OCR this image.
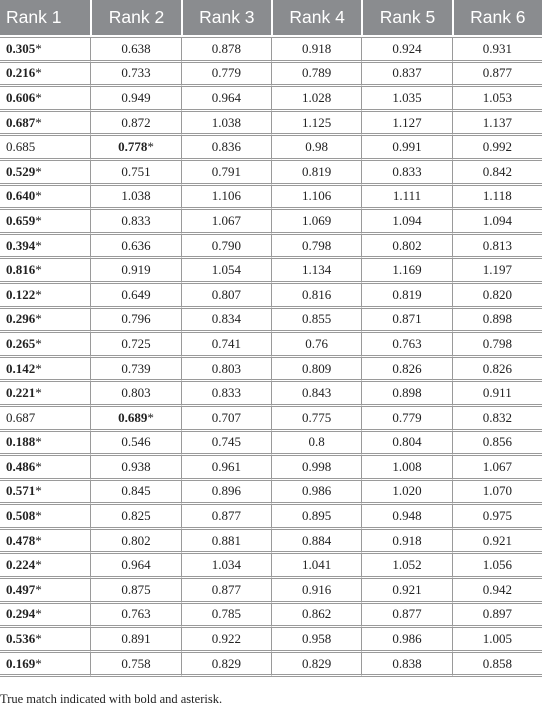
Rank 1	Rank 2	Rank 3	Rank 4	Rank 5	Rank 6
0.305*	0.638	0.878	0.918	0.924	0.931
0.216*	0.733	0.779	0.789	0.837	0.877
0.606*	0.949	0.964	1.028	1.035	1.053
0.687*	0.872	1.038	1.125	1.127	1.137
0.685	0.778*	0.836	0.98	0.991	0.992
0.529*	0.751	0.791	0.819	0.833	0.842
0.640*	1.038	1.106	1.106	1.111	1.118
0.659*	0.833	1.067	1.069	1.094	1.094
0.394*	0.636	0.790	0.798	0.802	0.813
0.816*	0.919	1.054	1.134	1.169	1.197
0.122*	0.649	0.807	0.816	0.819	0.820
0.296*	0.796	0.834	0.855	0.871	0.898
0.265*	0.725	0.741	0.76	0.763	0.798
0.142*	0.739	0.803	0.809	0.826	0.826
0.221*	0.803	0.833	0.843	0.898	0.911
0.687	0.689*	0.707	0.775	0.779	0.832
0.188*	0.546	0.745	0.8	0.804	0.856
0.486*	0.938	0.961	0.998	1.008	1.067
0.571*	0.845	0.896	0.986	1.020	1.070
0.508*	0.825	0.877	0.895	0.948	0.975
0.478*	0.802	0.881	0.884	0.918	0.921
0.224*	0.964	1.034	1.041	1.052	1.056
0.497*	0.875	0.877	0.916	0.921	0.942
0.294*	0.763	0.785	0.862	0.877	0.897
0.536*	0.891	0.922	0.958	0.986	1.005
0.169*	0.758	0.829	0.829	0.838	0.858
True match indicated with bold and asterisk.
